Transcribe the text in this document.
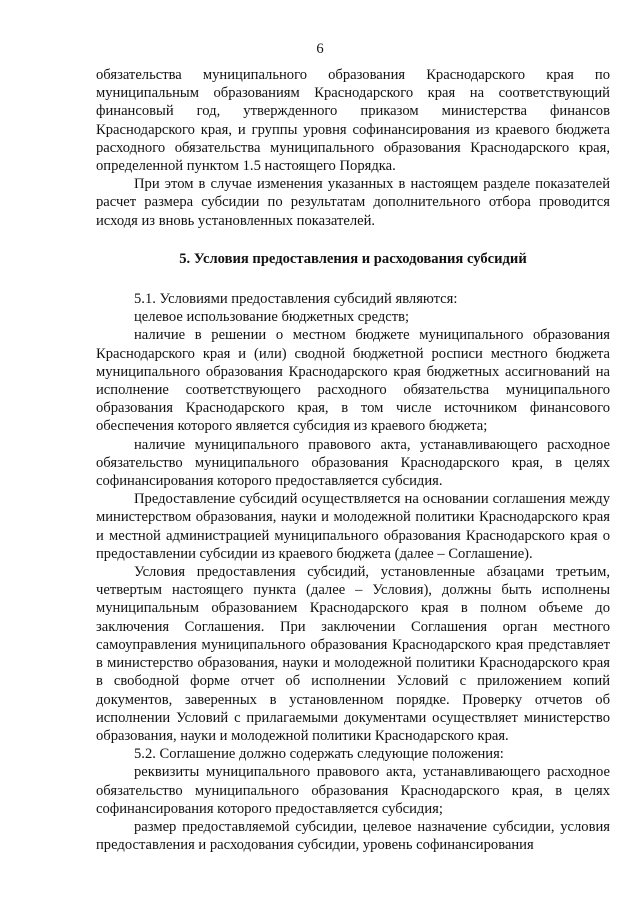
6

обязательства муниципального образования Краснодарского края по муниципальным образованиям Краснодарского края на соответствующий финансовый год, утвержденного приказом министерства финансов Краснодарского края, и группы уровня софинансирования из краевого бюджета расходного обязательства муниципального образования Краснодарского края, определенной пунктом 1.5 настоящего Порядка.

При этом в случае изменения указанных в настоящем разделе показателей расчет размера субсидии по результатам дополнительного отбора проводится исходя из вновь установленных показателей.

5. Условия предоставления и расходования субсидий

5.1. Условиями предоставления субсидий являются:

целевое использование бюджетных средств;

наличие в решении о местном бюджете муниципального образования Краснодарского края и (или) сводной бюджетной росписи местного бюджета муниципального образования Краснодарского края бюджетных ассигнований на исполнение соответствующего расходного обязательства муниципального образования Краснодарского края, в том числе источником финансового обеспечения которого является субсидия из краевого бюджета;

наличие муниципального правового акта, устанавливающего расходное обязательство муниципального образования Краснодарского края, в целях софинансирования которого предоставляется субсидия.

Предоставление субсидий осуществляется на основании соглашения между министерством образования, науки и молодежной политики Краснодарского края и местной администрацией муниципального образования Краснодарского края о предоставлении субсидии из краевого бюджета (далее – Соглашение).

Условия предоставления субсидий, установленные абзацами третьим, четвертым настоящего пункта (далее – Условия), должны быть исполнены муниципальным образованием Краснодарского края в полном объеме до заключения Соглашения. При заключении Соглашения орган местного самоуправления муниципального образования Краснодарского края представляет в министерство образования, науки и молодежной политики Краснодарского края в свободной форме отчет об исполнении Условий с приложением копий документов, заверенных в установленном порядке. Проверку отчетов об исполнении Условий с прилагаемыми документами осуществляет министерство образования, науки и молодежной политики Краснодарского края.

5.2. Соглашение должно содержать следующие положения:

реквизиты муниципального правового акта, устанавливающего расходное обязательство муниципального образования Краснодарского края, в целях софинансирования которого предоставляется субсидия;

размер предоставляемой субсидии, целевое назначение субсидии, условия предоставления и расходования субсидии, уровень софинансирования
